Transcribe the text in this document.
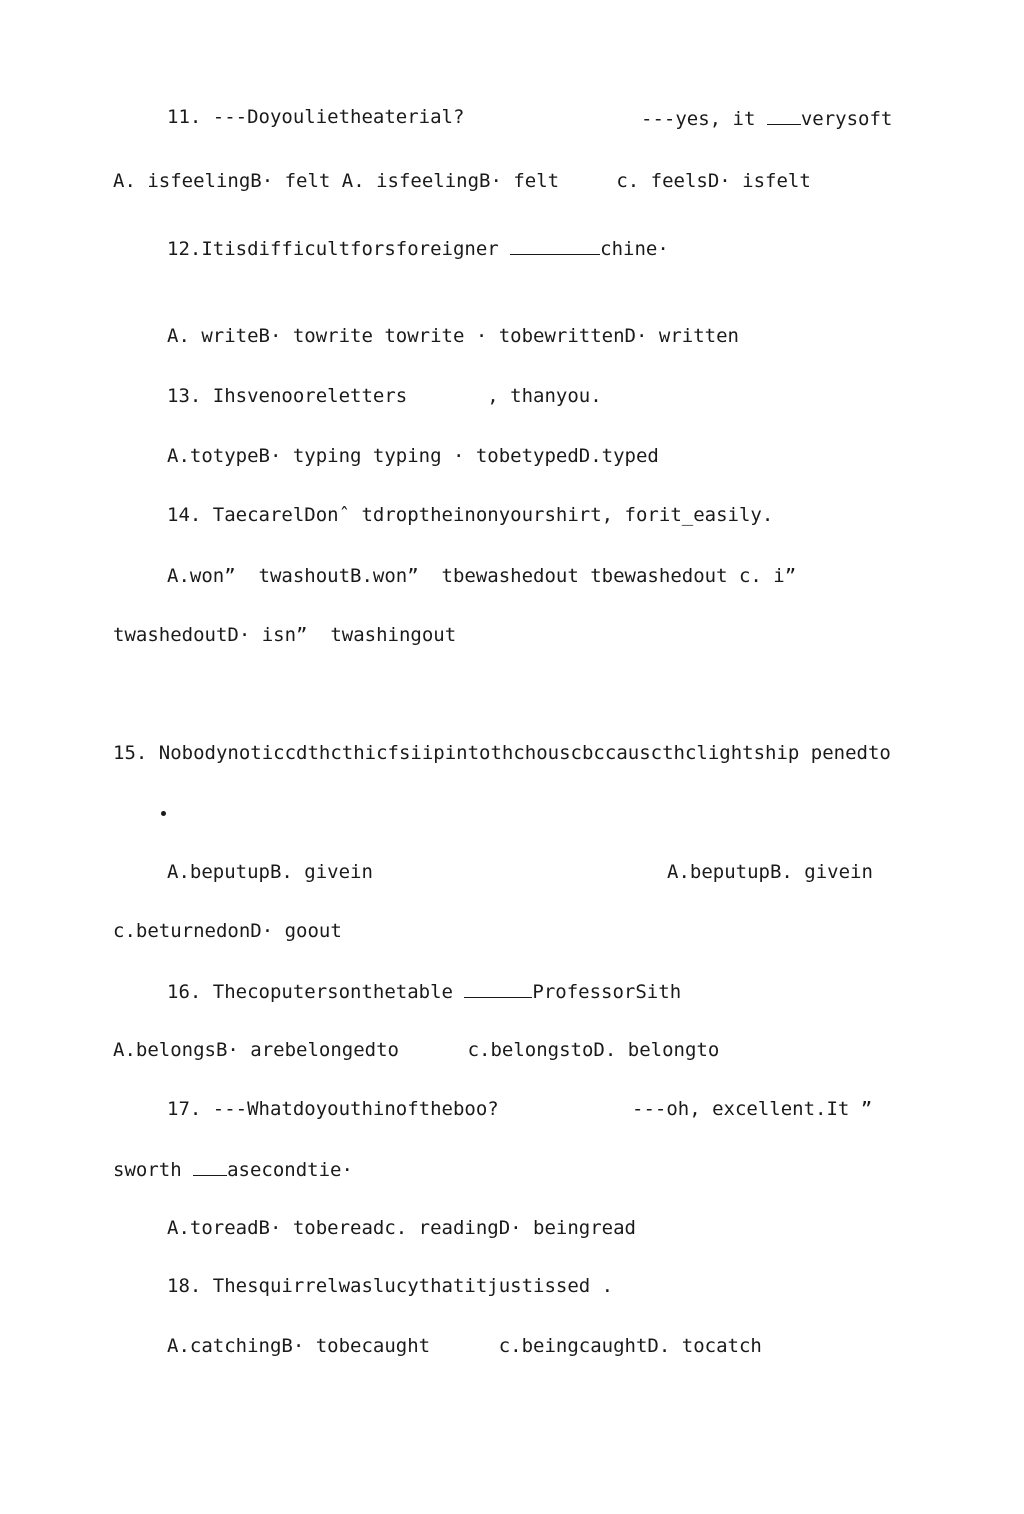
11. ---Doyoulietheaterial?	---yes, it verysoft
A. isfeelingB· felt A. isfeelingB· felt     c. feelsD· isfelt
12.Itisdifficultforsforeigner	chine·
A. writeB· towrite towrite · tobewrittenD· written
13. Ihsvenooreletters       , thanyou.
A.totypeB· typing typing · tobetypedD.typed
14. TaecarelDonˆ tdroptheinonyourshirt, forit_easily.
A.won”  twashoutB.won”  tbewashedout tbewashedout c. i”
twashedoutD· isn”  twashingout
15. Nobodynoticcdthcthicfsiipintothchouscbccauscthclightship penedto
A.beputupB. givein	A.beputupB. givein
c.beturnedonD· goout
16. Thecoputersonthetable	ProfessorSith
A.belongsB· arebelongedto      c.belongstoD. belongto
17. ---Whatdoyouthinoftheboo?	---oh, excellent.It ”
sworth asecondtie·
A.toreadB· tobereadc. readingD· beingread
18. Thesquirrelwaslucythatitjustissed .
A.catchingB· tobecaught      c.beingcaughtD. tocatch
